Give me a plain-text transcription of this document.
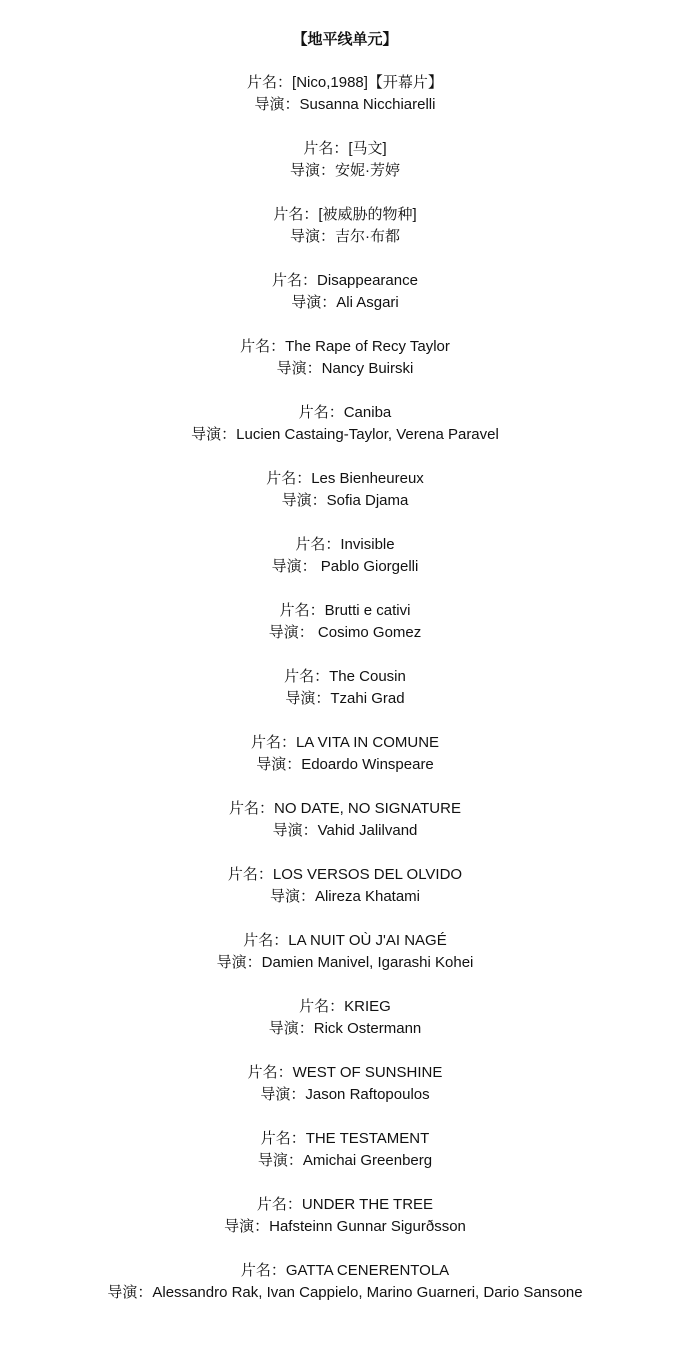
【地平线单元】
片名：[Nico,1988]【开幕片】
导演：Susanna Nicchiarelli
片名：[马文]
导演：安妮·芳婷
片名：[被威胁的物种]
导演：吉尔·布都
片名：Disappearance
导演：Ali Asgari
片名：The Rape of Recy Taylor
导演：Nancy Buirski
片名：Caniba
导演：Lucien Castaing-Taylor, Verena Paravel
片名：Les Bienheureux
导演：Sofia Djama
片名：Invisible
导演： Pablo Giorgelli
片名：Brutti e cativi
导演： Cosimo Gomez
片名：The Cousin
导演：Tzahi Grad
片名：LA VITA IN COMUNE
导演：Edoardo Winspeare
片名：NO DATE, NO SIGNATURE
导演：Vahid Jalilvand
片名：LOS VERSOS DEL OLVIDO
导演：Alireza Khatami
片名：LA NUIT OÙ J'AI NAGÉ
导演：Damien Manivel, Igarashi Kohei
片名：KRIEG
导演：Rick Ostermann
片名：WEST OF SUNSHINE
导演：Jason Raftopoulos
片名：THE TESTAMENT
导演：Amichai Greenberg
片名：UNDER THE TREE
导演：Hafsteinn Gunnar Sigurðsson
片名：GATTA CENERENTOLA
导演：Alessandro Rak, Ivan Cappielo, Marino Guarneri, Dario Sansone
